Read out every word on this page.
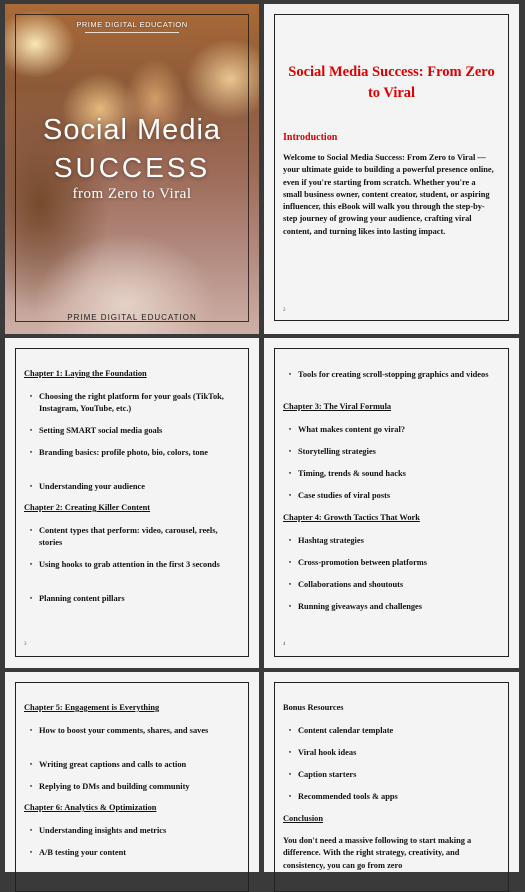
PRIME DIGITAL EDUCATION
Social Media
SUCCESS
from Zero to Viral
PRIME DIGITAL EDUCATION
Social Media Success: From Zero to Viral
Introduction
Welcome to Social Media Success: From Zero to Viral — your ultimate guide to building a powerful presence online, even if you're starting from scratch. Whether you're a small business owner, content creator, student, or aspiring influencer, this eBook will walk you through the step-by-step journey of growing your audience, crafting viral content, and turning likes into lasting impact.
2
Chapter 1: Laying the Foundation
• Choosing the right platform for your goals (TikTok, Instagram, YouTube, etc.)
• Setting SMART social media goals
• Branding basics: profile photo, bio, colors, tone
• Understanding your audience
Chapter 2: Creating Killer Content
• Content types that perform: video, carousel, reels, stories
• Using hooks to grab attention in the first 3 seconds
• Planning content pillars
3
• Tools for creating scroll-stopping graphics and videos
Chapter 3: The Viral Formula
• What makes content go viral?
• Storytelling strategies
• Timing, trends & sound hacks
• Case studies of viral posts
Chapter 4: Growth Tactics That Work
• Hashtag strategies
• Cross-promotion between platforms
• Collaborations and shoutouts
• Running giveaways and challenges
4
Chapter 5: Engagement is Everything
• How to boost your comments, shares, and saves
• Writing great captions and calls to action
• Replying to DMs and building community
Chapter 6: Analytics & Optimization
• Understanding insights and metrics
• A/B testing your content
Bonus Resources
• Content calendar template
• Viral hook ideas
• Caption starters
• Recommended tools & apps
Conclusion
You don't need a massive following to start making a difference. With the right strategy, creativity, and consistency, you can go from zero
